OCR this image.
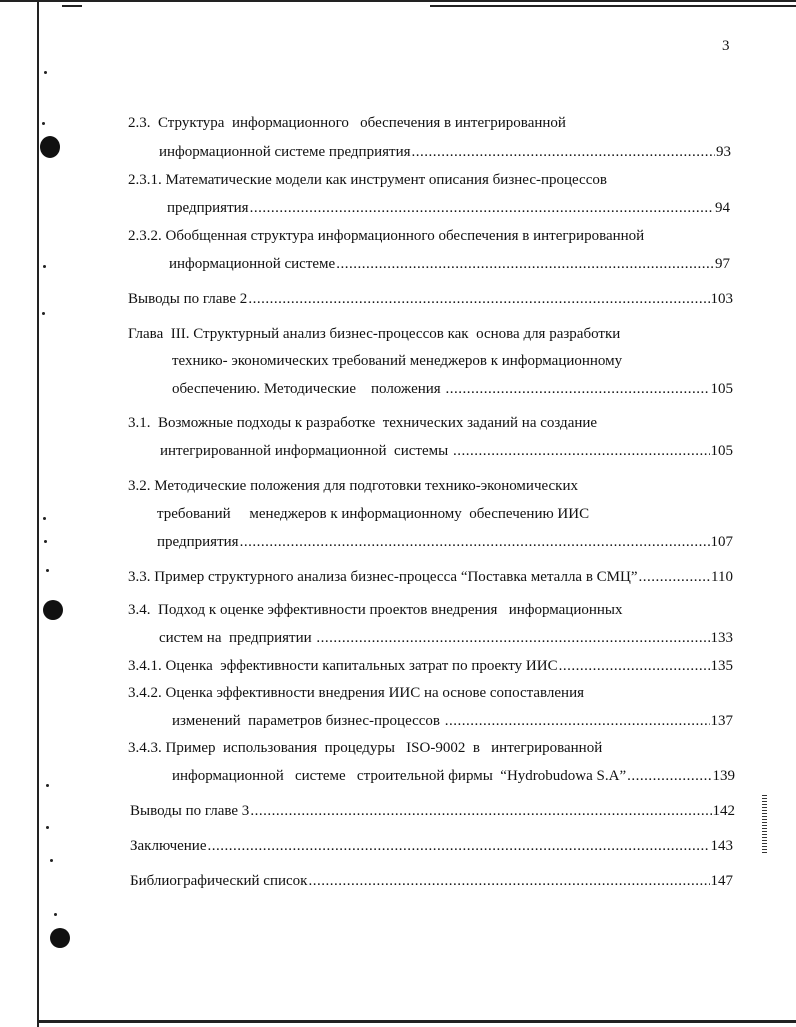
3
2.3.  Структура  информационного   обеспечения в интегрированной
информационной системе предприятия .....	93
2.3.1. Математические модели как инструмент описания бизнес-процессов
предприятия .....	94
2.3.2. Обобщенная структура информационного обеспечения в интегрированной
информационной системе .....	97
Выводы по главе 2 .....	103
Глава  III. Структурный анализ бизнес-процессов как  основа для разработки
технико- экономических требований менеджеров к информационному
обеспечению. Методические    положения .....	105
3.1.  Возможные подходы к разработке  технических заданий на создание
интегрированной информационной  системы .....	105
3.2. Методические положения для подготовки технико-экономических
требований     менеджеров к информационному  обеспечению ИИС
предприятия .....	107
3.3. Пример структурного анализа бизнес-процесса “Поставка металла в СМЦ” .....	110
3.4.  Подход к оценке эффективности проектов внедрения   информационных
систем на  предприятии .....	133
3.4.1. Оценка  эффективности капитальных затрат по проекту ИИС .....	135
3.4.2. Оценка эффективности внедрения ИИС на основе сопоставления
изменений  параметров бизнес-процессов .....	137
3.4.3. Пример  использования  процедуры   ISO-9002  в   интегрированной
информационной   системе   строительной фирмы  “Hydrobudowa S.A” .....	139
Выводы по главе 3 .....	142
Заключение .....	143
Библиографический список .....	147
